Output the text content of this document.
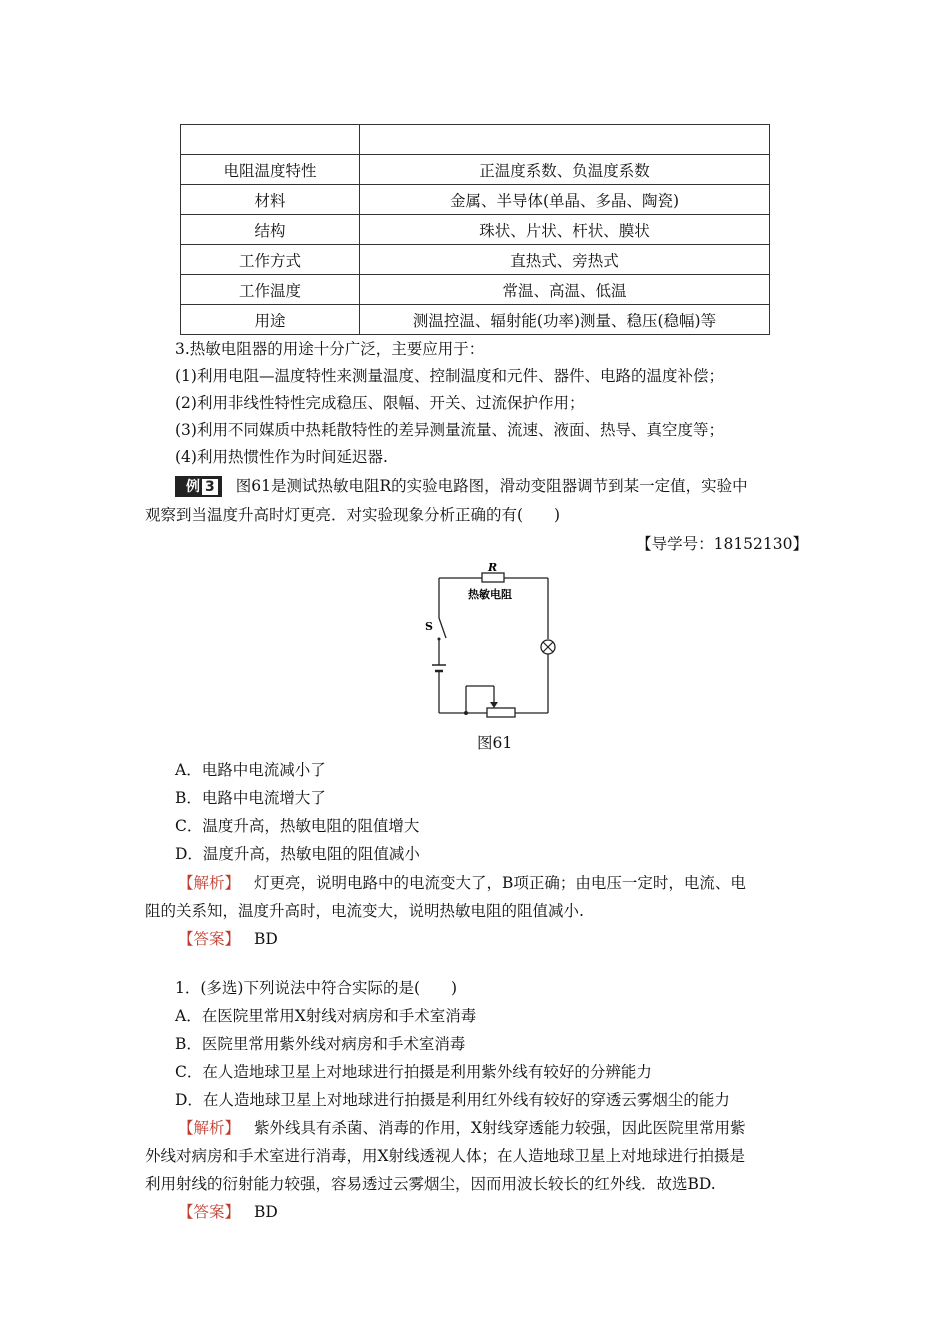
电阻温度特性	正温度系数、负温度系数
材料	金属、半导体(单晶、多晶、陶瓷)
结构	珠状、片状、杆状、膜状
工作方式	直热式、旁热式
工作温度	常温、高温、低温
用途	测温控温、辐射能(功率)测量、稳压(稳幅)等
3.热敏电阻器的用途十分广泛，主要应用于：
(1)利用电阻—温度特性来测量温度、控制温度和元件、器件、电路的温度补偿；
(2)利用非线性特性完成稳压、限幅、开关、过流保护作用；
(3)利用不同媒质中热耗散特性的差异测量流量、流速、液面、热导、真空度等；
(4)利用热惯性作为时间延迟器.
例 3 图61是测试热敏电阻R的实验电路图，滑动变阻器调节到某一定值，实验中
观察到当温度升高时灯更亮．对实验现象分析正确的有(　　)
【导学号：18152130】
R
热敏电阻
S
图61
A．电路中电流减小了
B．电路中电流增大了
C．温度升高，热敏电阻的阻值增大
D．温度升高，热敏电阻的阻值减小
【解析】 灯更亮，说明电路中的电流变大了，B项正确；由电压一定时，电流、电
阻的关系知，温度升高时，电流变大，说明热敏电阻的阻值减小.
【答案】 BD
1．(多选)下列说法中符合实际的是(　　)
A．在医院里常用X射线对病房和手术室消毒
B．医院里常用紫外线对病房和手术室消毒
C．在人造地球卫星上对地球进行拍摄是利用紫外线有较好的分辨能力
D．在人造地球卫星上对地球进行拍摄是利用红外线有较好的穿透云雾烟尘的能力
【解析】 紫外线具有杀菌、消毒的作用，X射线穿透能力较强，因此医院里常用紫
外线对病房和手术室进行消毒，用X射线透视人体；在人造地球卫星上对地球进行拍摄是
利用射线的衍射能力较强，容易透过云雾烟尘，因而用波长较长的红外线．故选BD.
【答案】 BD
